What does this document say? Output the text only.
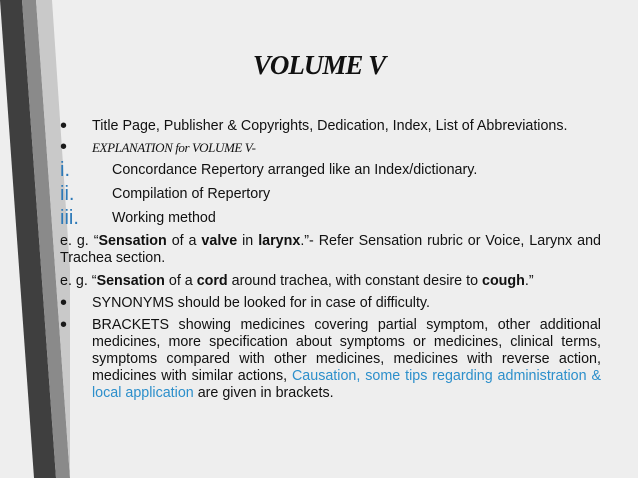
VOLUME V
•	Title Page, Publisher & Copyrights, Dedication, Index, List of Abbreviations.
•	EXPLANATION for VOLUME V-
i.	Concordance Repertory arranged like an Index/dictionary.
ii.	Compilation of Repertory
iii.	Working method
e. g. “Sensation of a valve in larynx.”- Refer Sensation rubric or Voice, Larynx and Trachea section.
e. g. “Sensation of a cord around trachea, with constant desire to cough.”
•	SYNONYMS should be looked for in case of difficulty.
•	BRACKETS showing medicines covering partial symptom, other additional medicines, more specification about symptoms or medicines, clinical terms, symptoms compared with other medicines, medicines with reverse action, medicines with similar actions, Causation, some tips regarding administration & local application are given in brackets.
